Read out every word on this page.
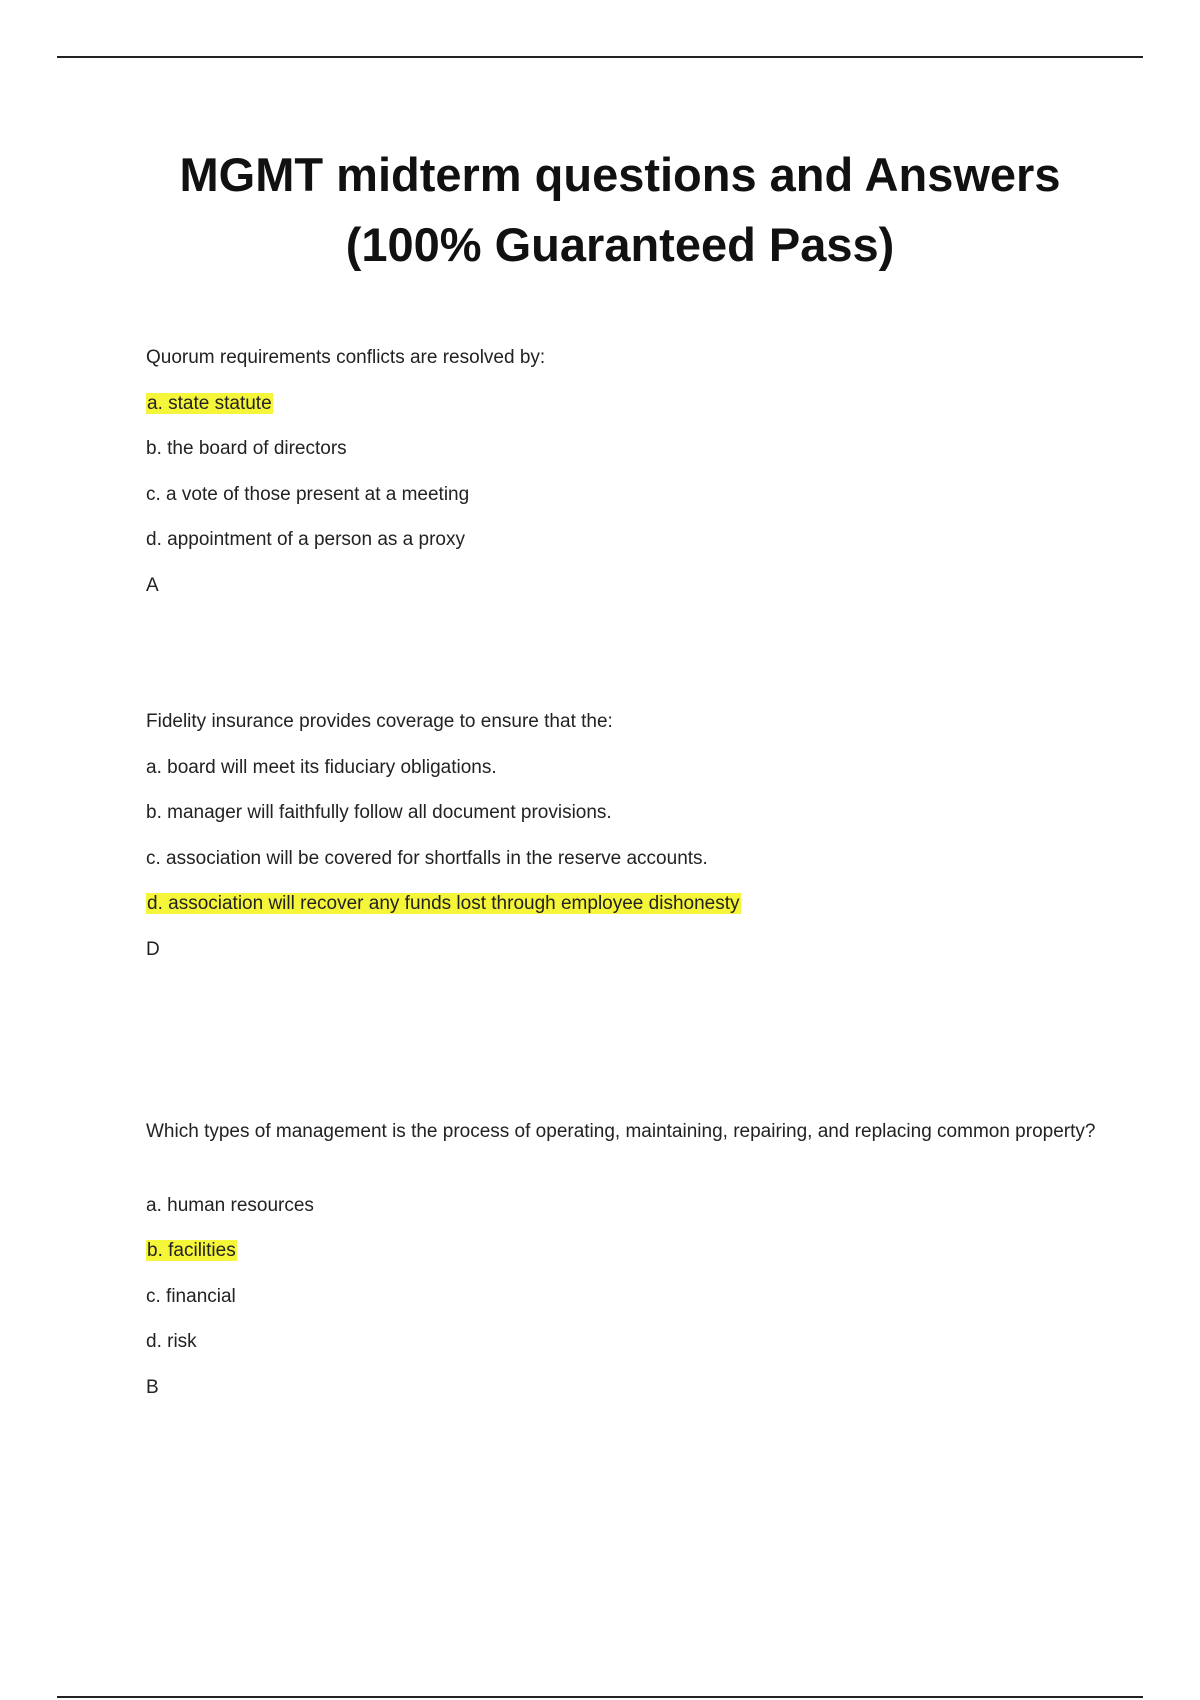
MGMT midterm questions and Answers
(100% Guaranteed Pass)
Quorum requirements conflicts are resolved by:
a. state statute
b. the board of directors
c. a vote of those present at a meeting
d. appointment of a person as a proxy
A
Fidelity insurance provides coverage to ensure that the:
a. board will meet its fiduciary obligations.
b. manager will faithfully follow all document provisions.
c. association will be covered for shortfalls in the reserve accounts.
d. association will recover any funds lost through employee dishonesty
D
Which types of management is the process of operating, maintaining, repairing, and replacing common property?
a. human resources
b. facilities
c. financial
d. risk
B
